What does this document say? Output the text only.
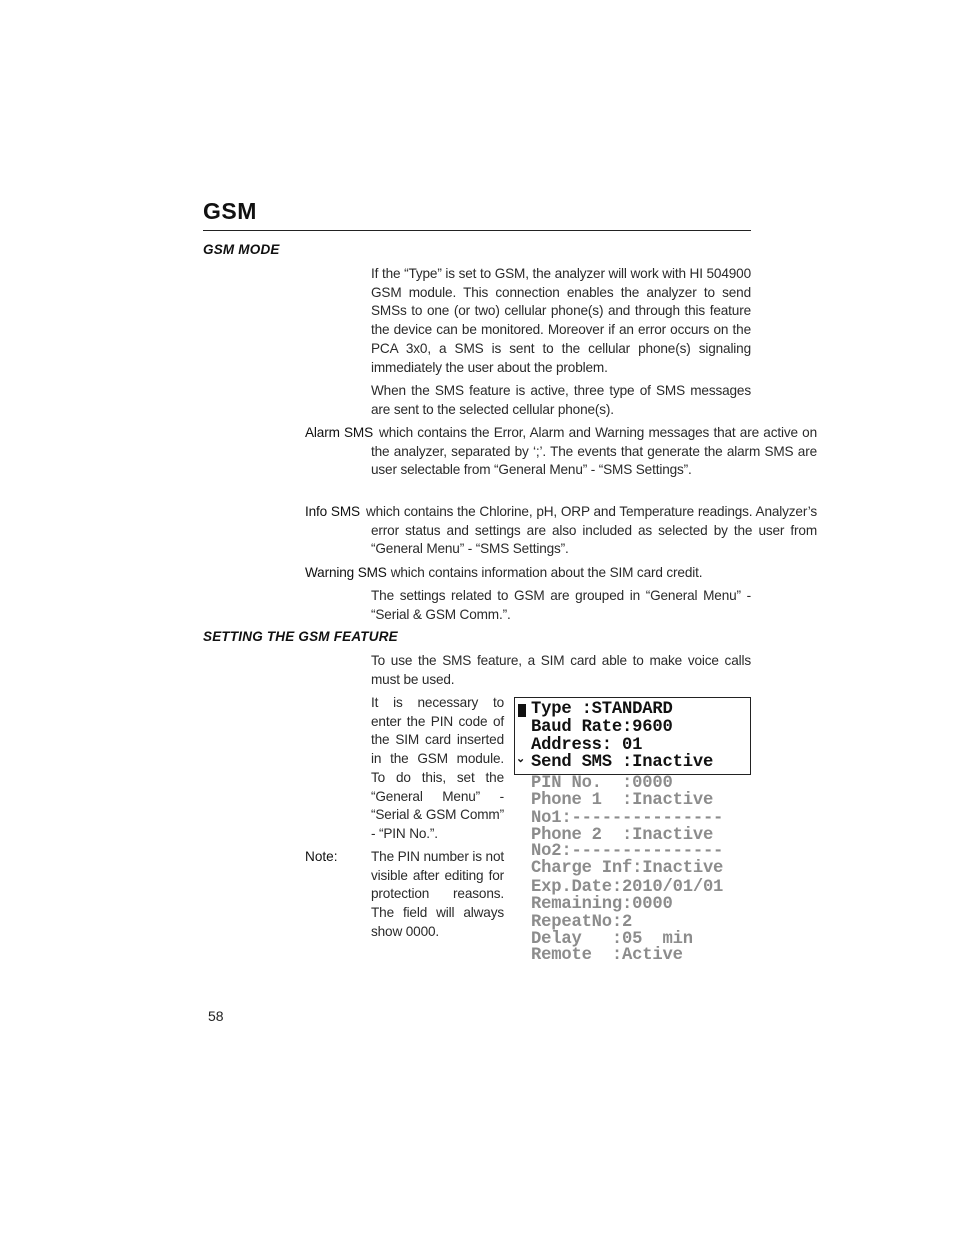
GSM
GSM MODE
If the “Type” is set to GSM, the analyzer will work with HI 504900 GSM module. This connection enables the analyzer to send SMSs to one (or two) cellular phone(s) and through this feature the device can be monitored. Moreover if an error occurs on the PCA 3x0, a SMS is sent to the cellular phone(s) signaling immediately the user about the problem.
When the SMS feature is active, three type of SMS messages are sent to the selected cellular phone(s).
Alarm SMS which contains the Error, Alarm and Warning messages that are active on the analyzer, separated by ‘;’. The events that generate the alarm SMS are user selectable from “General Menu” - “SMS Settings”.
Info SMS which contains the Chlorine, pH, ORP and Temperature readings. Analyzer’s error status and settings are also included as selected by the user from “General Menu” - “SMS Settings”.
Warning SMS which contains information about the SIM card credit.
The settings related to GSM are grouped in “General Menu” - “Serial & GSM Comm.”.
SETTING THE GSM FEATURE
To use the SMS feature, a SIM card able to make voice calls must be used.
It is necessary to enter the PIN code of the SIM card inserted in the GSM module. To do this, set the “General Menu” - “Serial & GSM Comm” - “PIN No.”.
Note: The PIN number is not visible after editing for protection reasons. The field will always show 0000.
⌄
Type :STANDARD
Baud Rate:9600
Address: 01
Send SMS :Inactive
PIN No.  :0000
Phone 1  :Inactive
No1:---------------
Phone 2  :Inactive
No2:---------------
Charge Inf:Inactive
Exp.Date:2010/01/01
Remaining:0000
RepeatNo:2
Delay   :05  min
Remote  :Active
58
